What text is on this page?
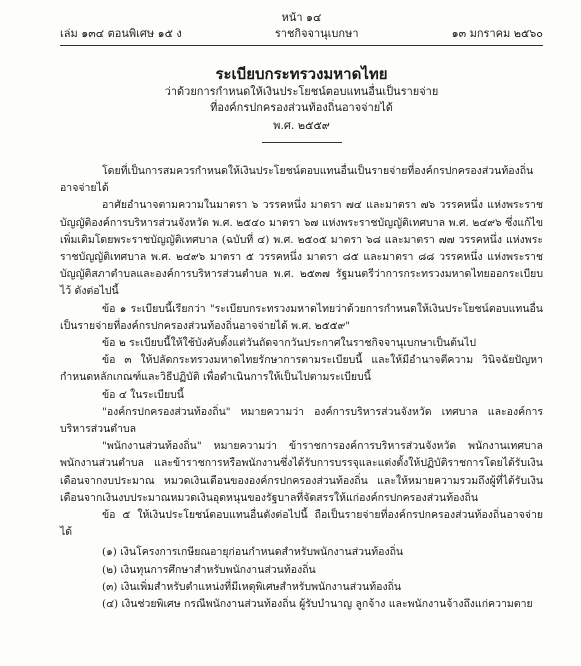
หน้า ๑๔
เล่ม ๑๓๔ ตอนพิเศษ ๑๕ ง	ราชกิจจานุเบกษา	๑๓ มกราคม ๒๕๖๐
ระเบียบกระทรวงมหาดไทย
ว่าด้วยการกำหนดให้เงินประโยชน์ตอบแทนอื่นเป็นรายจ่าย
ที่องค์กรปกครองส่วนท้องถิ่นอาจจ่ายได้
พ.ศ. ๒๕๕๙

โดยที่เป็นการสมควรกำหนดให้เงินประโยชน์ตอบแทนอื่นเป็นรายจ่ายที่องค์กรปกครองส่วนท้องถิ่นอาจจ่ายได้

อาศัยอำนาจตามความในมาตรา ๖ วรรคหนึ่ง มาตรา ๗๔ และมาตรา ๗๖ วรรคหนึ่ง แห่งพระราชบัญญัติองค์การบริหารส่วนจังหวัด พ.ศ. ๒๕๔๐ มาตรา ๖๗ แห่งพระราชบัญญัติเทศบาล พ.ศ. ๒๔๙๖ ซึ่งแก้ไขเพิ่มเติมโดยพระราชบัญญัติเทศบาล (ฉบับที่ ๔) พ.ศ. ๒๕๐๕ มาตรา ๖๘ และมาตรา ๗๗ วรรคหนึ่ง แห่งพระราชบัญญัติเทศบาล พ.ศ. ๒๔๙๖ มาตรา ๕ วรรคหนึ่ง มาตรา ๘๕ และมาตรา ๘๘ วรรคหนึ่ง แห่งพระราชบัญญัติสภาตำบลและองค์การบริหารส่วนตำบล พ.ศ. ๒๕๓๗ รัฐมนตรีว่าการกระทรวงมหาดไทยออกระเบียบไว้ ดังต่อไปนี้

ข้อ ๑ ระเบียบนี้เรียกว่า "ระเบียบกระทรวงมหาดไทยว่าด้วยการกำหนดให้เงินประโยชน์ตอบแทนอื่นเป็นรายจ่ายที่องค์กรปกครองส่วนท้องถิ่นอาจจ่ายได้ พ.ศ. ๒๕๕๙"

ข้อ ๒ ระเบียบนี้ให้ใช้บังคับตั้งแต่วันถัดจากวันประกาศในราชกิจจานุเบกษาเป็นต้นไป

ข้อ ๓ ให้ปลัดกระทรวงมหาดไทยรักษาการตามระเบียบนี้ และให้มีอำนาจตีความ วินิจฉัยปัญหา กำหนดหลักเกณฑ์และวิธีปฏิบัติ เพื่อดำเนินการให้เป็นไปตามระเบียบนี้

ข้อ ๔ ในระเบียบนี้

"องค์กรปกครองส่วนท้องถิ่น" หมายความว่า องค์การบริหารส่วนจังหวัด เทศบาล และองค์การบริหารส่วนตำบล

"พนักงานส่วนท้องถิ่น" หมายความว่า ข้าราชการองค์การบริหารส่วนจังหวัด พนักงานเทศบาล พนักงานส่วนตำบล และข้าราชการหรือพนักงานซึ่งได้รับการบรรจุและแต่งตั้งให้ปฏิบัติราชการโดยได้รับเงินเดือนจากงบประมาณ หมวดเงินเดือนขององค์กรปกครองส่วนท้องถิ่น และให้หมายความรวมถึงผู้ที่ได้รับเงินเดือนจากเงินงบประมาณหมวดเงินอุดหนุนของรัฐบาลที่จัดสรรให้แก่องค์กรปกครองส่วนท้องถิ่น

ข้อ ๕ ให้เงินประโยชน์ตอบแทนอื่นดังต่อไปนี้ ถือเป็นรายจ่ายที่องค์กรปกครองส่วนท้องถิ่นอาจจ่ายได้

(๑) เงินโครงการเกษียณอายุก่อนกำหนดสำหรับพนักงานส่วนท้องถิ่น

(๒) เงินทุนการศึกษาสำหรับพนักงานส่วนท้องถิ่น

(๓) เงินเพิ่มสำหรับตำแหน่งที่มีเหตุพิเศษสำหรับพนักงานส่วนท้องถิ่น

(๔) เงินช่วยพิเศษ กรณีพนักงานส่วนท้องถิ่น ผู้รับบำนาญ ลูกจ้าง และพนักงานจ้างถึงแก่ความตาย
